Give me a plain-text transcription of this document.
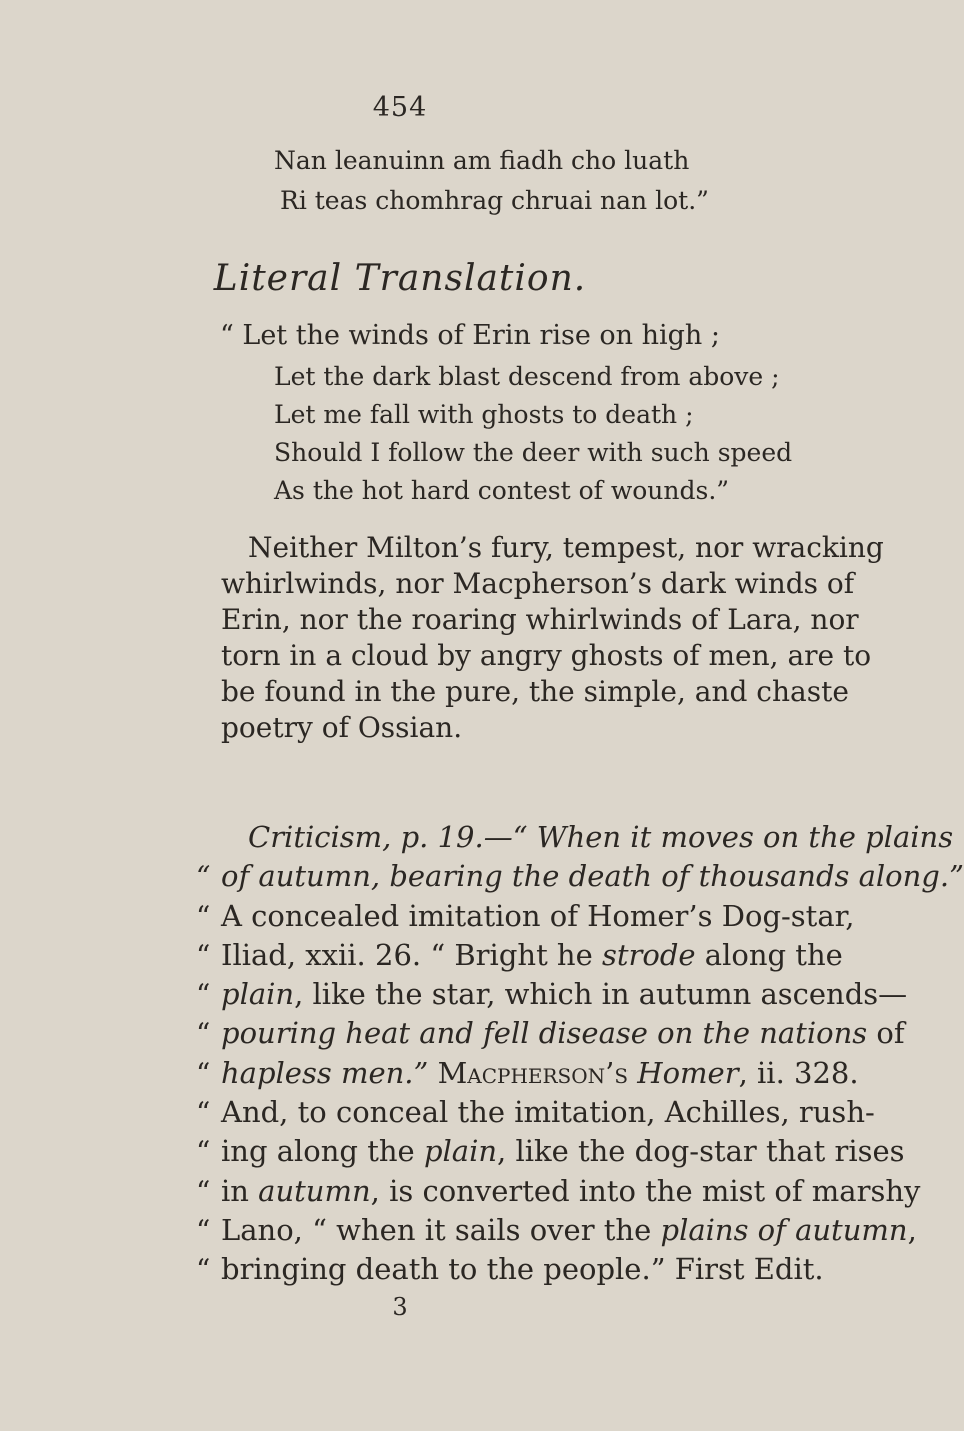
454
Nan leanuinn am fiadh cho luath
Ri teas chomhrag chruai nan lot.”
Literal Translation.
“ Let the winds of Erin rise on high ;
Let the dark blast descend from above ;
Let me fall with ghosts to death ;
Should I follow the deer with such speed
As the hot hard contest of wounds.”
Neither Milton’s fury, tempest, nor wracking
whirlwinds, nor Macpherson’s dark winds of
Erin, nor the roaring whirlwinds of Lara, nor
torn in a cloud by angry ghosts of men, are to
be found in the pure, the simple, and chaste
poetry of Ossian.
Criticism, p. 19.—“ When it moves on the plains
“ of autumn, bearing the death of thousands along.”
“ A concealed imitation of Homer’s Dog-star,
“ Iliad, xxii. 26. “ Bright he strode along the
“ plain, like the star, which in autumn ascends—
“ pouring heat and fell disease on the nations of
“ hapless men.” Macpherson’s Homer, ii. 328.
“ And, to conceal the imitation, Achilles, rush-
“ ing along the plain, like the dog-star that rises
“ in autumn, is converted into the mist of marshy
“ Lano, “ when it sails over the plains of autumn,
“ bringing death to the people.” First Edit.
3
